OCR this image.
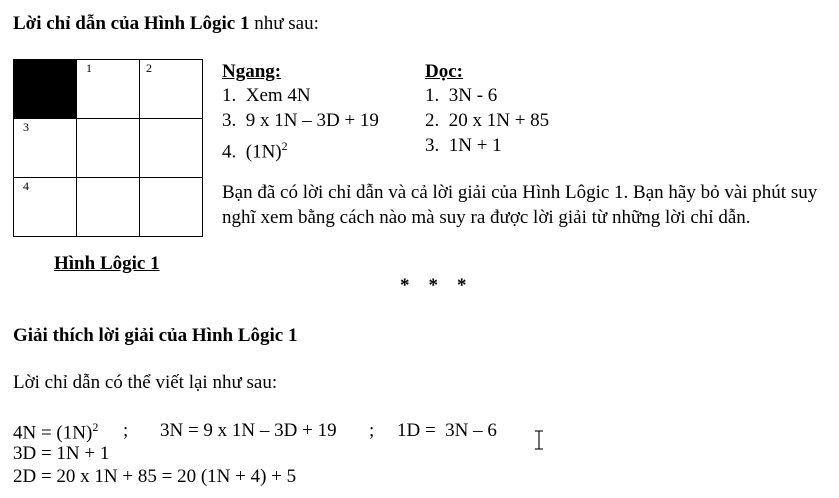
Lời chỉ dẫn của Hình Lôgic 1 như sau:

	1	2

3		

4		

Hình Lôgic 1
Ngang:
1. Xem 4N
3. 9 x 1N – 3D + 19
4. $(1N)^2$
Dọc:
1. 3N - 6
2. 20 x 1N + 85
3. 1N + 1
Bạn đã có lời chỉ dẫn và cả lời giải của Hình Lôgic 1. Bạn hãy bỏ vài phút suy nghĩ xem bằng cách nào mà suy ra được lời giải từ những lời chỉ dẫn.
*    *    *
Giải thích lời giải của Hình Lôgic 1
Lời chỉ dẫn có thể viết lại như sau:
$4N = (1N)^2$ ; 3N = 9 x 1N – 3D + 19 ; 1D =  3N – 6
3D = 1N + 1
2D = 20 x 1N + 85 = 20 (1N + 4) + 5
